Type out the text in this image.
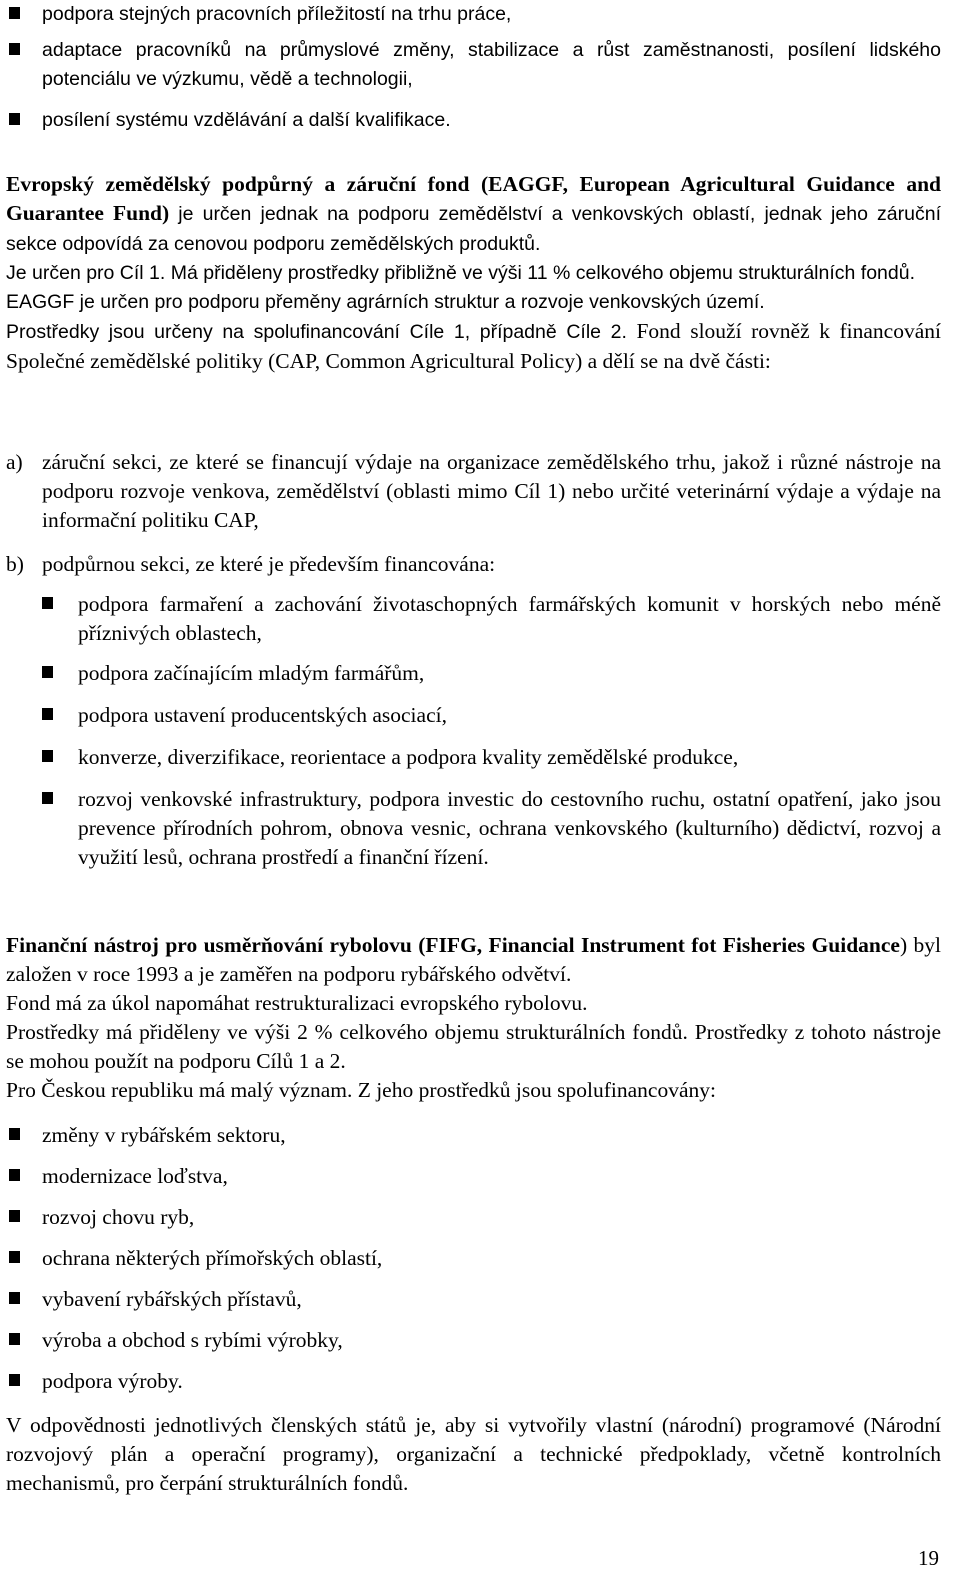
podpora stejných pracovních příležitostí na trhu práce,
adaptace pracovníků na průmyslové změny, stabilizace a růst zaměstnanosti, posílení lidského potenciálu ve výzkumu, vědě a technologii,
posílení systému vzdělávání a další kvalifikace.

Evropský zemědělský podpůrný a záruční fond (EAGGF, European Agricultural Guidance and Guarantee Fund) je určen jednak na podporu zemědělství a venkovských oblastí, jednak jeho záruční sekce odpovídá za cenovou podporu zemědělských produktů.

Je určen pro Cíl 1. Má přiděleny prostředky přibližně ve výši 11 % celkového objemu strukturálních fondů.

EAGGF je určen pro podporu přeměny agrárních struktur a rozvoje venkovských území.

Prostředky jsou určeny na spolufinancování Cíle 1, případně Cíle 2. Fond slouží rovněž k financování Společné zemědělské politiky (CAP, Common Agricultural Policy) a dělí se na dvě části:

a) záruční sekci, ze které se financují výdaje na organizace zemědělského trhu, jakož i různé nástroje na podporu rozvoje venkova, zemědělství (oblasti mimo Cíl 1) nebo určité veterinární výdaje a výdaje na informační politiku CAP,

b) podpůrnou sekci, ze které je především financována:

podpora farmaření a zachování životaschopných farmářských komunit v horských nebo méně příznivých oblastech,
podpora začínajícím mladým farmářům,
podpora ustavení producentských asociací,
konverze, diverzifikace, reorientace a podpora kvality zemědělské produkce,
rozvoj venkovské infrastruktury, podpora investic do cestovního ruchu, ostatní opatření, jako jsou prevence přírodních pohrom, obnova vesnic, ochrana venkovského (kulturního) dědictví, rozvoj a využití lesů, ochrana prostředí a finanční řízení.

Finanční nástroj pro usměrňování rybolovu (FIFG, Financial Instrument fot Fisheries Guidance) byl založen v roce 1993 a je zaměřen na podporu rybářského odvětví.

Fond má za úkol napomáhat restrukturalizaci evropského rybolovu.

Prostředky má přiděleny ve výši 2 % celkového objemu strukturálních fondů. Prostředky z tohoto nástroje se mohou použít na podporu Cílů 1 a 2.

Pro Českou republiku má malý význam. Z jeho prostředků jsou spolufinancovány:

změny v rybářském sektoru,
modernizace loďstva,
rozvoj chovu ryb,
ochrana některých přímořských oblastí,
vybavení rybářských přístavů,
výroba a obchod s rybími výrobky,
podpora výroby.

V odpovědnosti jednotlivých členských států je, aby si vytvořily vlastní (národní) programové (Národní rozvojový plán a operační programy), organizační a technické předpoklady, včetně kontrolních mechanismů, pro čerpání strukturálních fondů.

19
